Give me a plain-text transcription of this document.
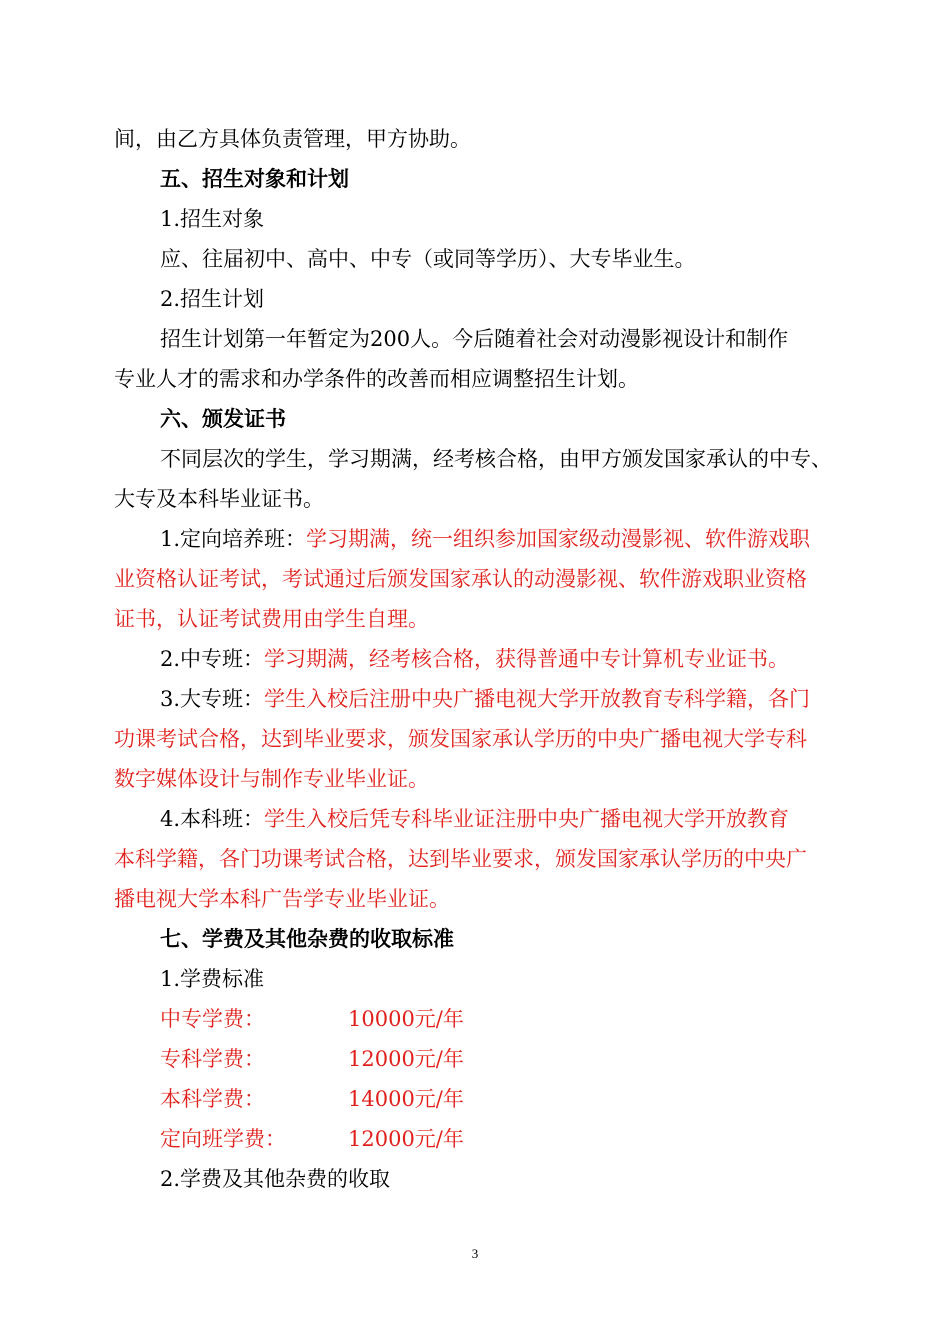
间，由乙方具体负责管理，甲方协助。
五、招生对象和计划
1.招生对象
应、往届初中、高中、中专（或同等学历）、大专毕业生。
2.招生计划
招生计划第一年暂定为200人。今后随着社会对动漫影视设计和制作
专业人才的需求和办学条件的改善而相应调整招生计划。
六、颁发证书
不同层次的学生，学习期满，经考核合格，由甲方颁发国家承认的中专、
大专及本科毕业证书。
1.定向培养班：学习期满，统一组织参加国家级动漫影视、软件游戏职
业资格认证考试，考试通过后颁发国家承认的动漫影视、软件游戏职业资格
证书，认证考试费用由学生自理。
2.中专班：学习期满，经考核合格，获得普通中专计算机专业证书。
3.大专班：学生入校后注册中央广播电视大学开放教育专科学籍，各门
功课考试合格，达到毕业要求，颁发国家承认学历的中央广播电视大学专科
数字媒体设计与制作专业毕业证。
4.本科班：学生入校后凭专科毕业证注册中央广播电视大学开放教育
本科学籍，各门功课考试合格，达到毕业要求，颁发国家承认学历的中央广
播电视大学本科广告学专业毕业证。
七、学费及其他杂费的收取标准
1.学费标准
中专学费：	10000元/年
专科学费：	12000元/年
本科学费：	14000元/年
定向班学费：	12000元/年
2.学费及其他杂费的收取
3
